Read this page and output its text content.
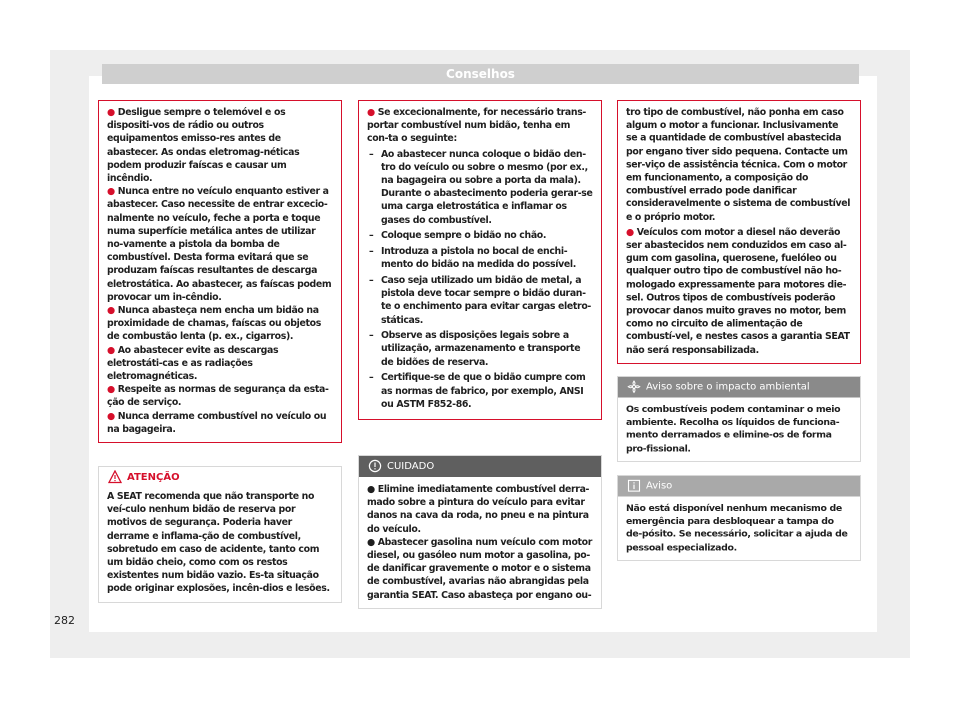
Conselhos
● Desligue sempre o telemóvel e os dispositi-vos de rádio ou outros equipamentos emisso-res antes de abastecer. As ondas eletromag-néticas podem produzir faíscas e causar um incêndio.
● Nunca entre no veículo enquanto estiver a abastecer. Caso necessite de entrar excecio-nalmente no veículo, feche a porta e toque numa superfície metálica antes de utilizar no-vamente a pistola da bomba de combustível. Desta forma evitará que se produzam faíscas resultantes de descarga eletrostática. Ao abastecer, as faíscas podem provocar um in-cêndio.
● Nunca abasteça nem encha um bidão na proximidade de chamas, faíscas ou objetos de combustão lenta (p. ex., cigarros).
● Ao abastecer evite as descargas eletrostáti-cas e as radiações eletromagnéticas.
● Respeite as normas de segurança da esta-ção de serviço.
● Nunca derrame combustível no veículo ou na bagageira.
ATENÇÃO
A SEAT recomenda que não transporte no veí-culo nenhum bidão de reserva por motivos de segurança. Poderia haver derrame e inflama-ção de combustível, sobretudo em caso de acidente, tanto com um bidão cheio, como com os restos existentes num bidão vazio. Es-ta situação pode originar explosões, incên-dios e lesões.
● Se excecionalmente, for necessário trans-portar combustível num bidão, tenha em con-ta o seguinte:
– Ao abastecer nunca coloque o bidão den-tro do veículo ou sobre o mesmo (por ex., na bagageira ou sobre a porta da mala). Durante o abastecimento poderia gerar-se uma carga eletrostática e inflamar os gases do combustível.
– Coloque sempre o bidão no chão.
– Introduza a pistola no bocal de enchi-mento do bidão na medida do possível.
– Caso seja utilizado um bidão de metal, a pistola deve tocar sempre o bidão duran-te o enchimento para evitar cargas eletro-státicas.
– Observe as disposições legais sobre a utilização, armazenamento e transporte de bidões de reserva.
– Certifique-se de que o bidão cumpre com as normas de fabrico, por exemplo, ANSI ou ASTM F852-86.
CUIDADO
● Elimine imediatamente combustível derra-mado sobre a pintura do veículo para evitar danos na cava da roda, no pneu e na pintura do veículo.
● Abastecer gasolina num veículo com motor diesel, ou gasóleo num motor a gasolina, po-de danificar gravemente o motor e o sistema de combustível, avarias não abrangidas pela garantia SEAT. Caso abasteça por engano ou-
tro tipo de combustível, não ponha em caso algum o motor a funcionar. Inclusivamente se a quantidade de combustível abastecida por engano tiver sido pequena. Contacte um ser-viço de assistência técnica. Com o motor em funcionamento, a composição do combustível errado pode danificar consideravelmente o sistema de combustível e o próprio motor.
● Veículos com motor a diesel não deverão ser abastecidos nem conduzidos em caso al-gum com gasolina, querosene, fuelóleo ou qualquer outro tipo de combustível não ho-mologado expressamente para motores die-sel. Outros tipos de combustíveis poderão provocar danos muito graves no motor, bem como no circuito de alimentação de combustí-vel, e nestes casos a garantia SEAT não será responsabilizada.
Aviso sobre o impacto ambiental
Os combustíveis podem contaminar o meio ambiente. Recolha os líquidos de funciona-mento derramados e elimine-os de forma pro-fissional.
Aviso
Não está disponível nenhum mecanismo de emergência para desbloquear a tampa do de-pósito. Se necessário, solicitar a ajuda de pessoal especializado.
282
